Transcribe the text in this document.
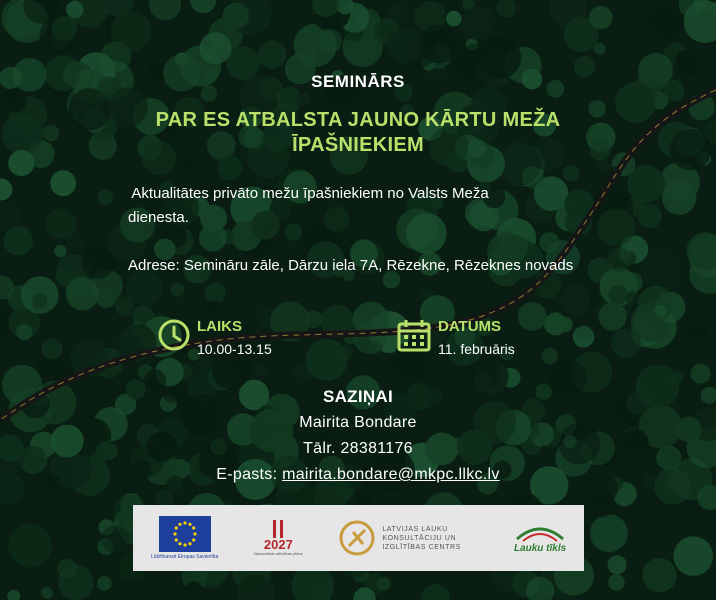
SEMINĀRS
PAR ES ATBALSTA JAUNO KĀRTU MEŽA ĪPAŠNIEKIEM
Aktualitātes privāto mežu īpašniekiem no Valsts Meža
dienesta.
Adrese: Semināru zāle, Dārzu iela 7A, Rēzekne, Rēzeknes novads
LAIKS
10.00-13.15
DATUMS
11. februāris
SAZIŅAI
Mairita Bondare
Tālr. 28381176
E-pasts: mairita.bondare@mkpc.llkc.lv
Līdzfinansē Eiropas Savienība
2027
Nacionālais attīstības plāns
LATVIJAS LAUKU KONSULTĀCIJU UN IZGLĪTĪBAS CENTRS	Lauku tīkls
